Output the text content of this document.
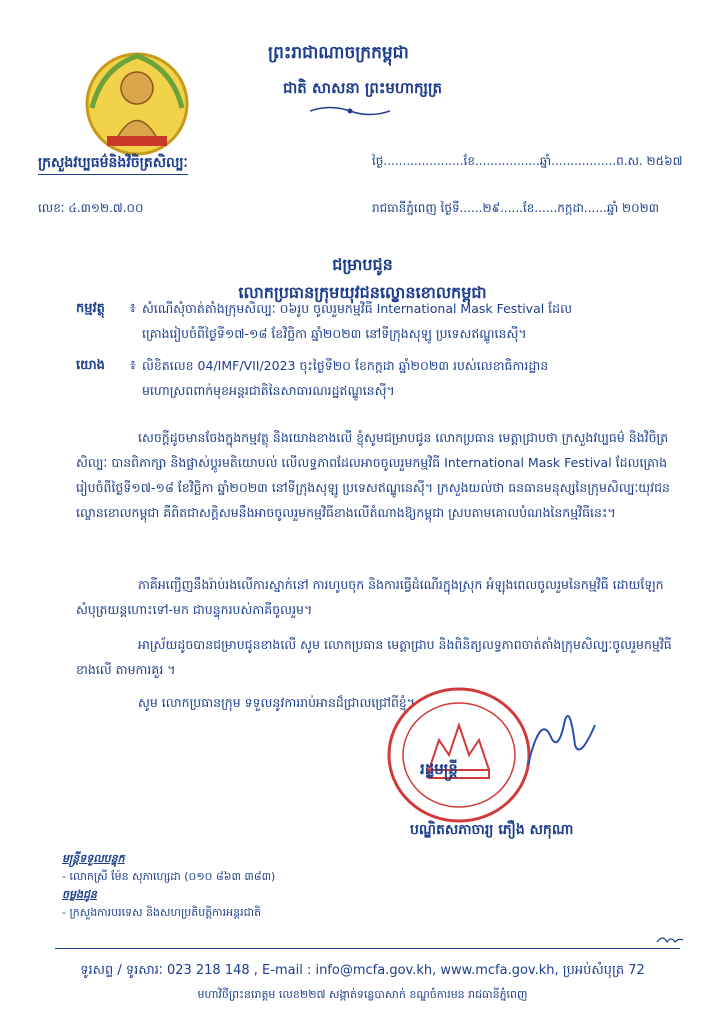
ព្រះរាជាណាចក្រកម្ពុជា
ជាតិ សាសនា ព្រះមហាក្សត្រ
ក្រសួងវប្បធម៌និងវិចិត្រសិល្បៈ
លេខៈ ៤.៣១២.៧.០០
ថ្ងៃ.....................ខែ.................ឆ្នាំ.................ព.ស. ២៥៦៧
រាជធានីភ្នំពេញ ថ្ងៃទី......២៩......ខែ......កក្កដា......ឆ្នាំ ២០២៣
ជម្រាបជូន
លោកប្រធានក្រុមយុវជនល្ខោនខោលកម្ពុជា
កម្មវត្ថុ ៖ សំណើសុំចាត់តាំងក្រុមសិល្បៈ ០៦រូប ចូលរួមកម្មវិធី International Mask Festival ដែល
គ្រោងរៀបចំពីថ្ងៃទី១៧-១៨ ខែវិច្ឆិកា ឆ្នាំ២០២៣ នៅទីក្រុងសុឡូ ប្រទេសឥណ្ឌូនេស៊ី។
យោង ៖ លិខិតលេខ 04/IMF/VII/2023 ចុះថ្ងៃទី២០ ខែកក្កដា ឆ្នាំ២០២៣ របស់លេខាធិការដ្ឋាន
មហោស្រពពាក់មុខអន្តរជាតិនៃសាធារណរដ្ឋឥណ្ឌូនេស៊ី។
សេចក្ដីដូចមានចែងក្នុងកម្មវត្ថុ និងយោងខាងលើ ខ្ញុំសូមជម្រាបជូន លោកប្រធាន មេត្តាជ្រាបថា ក្រសួងវប្បធម៌ និងវិចិត្រសិល្បៈ បានពិភាក្សា និងផ្លាស់ប្ដូរមតិយោបល់ លើលទ្ធភាពដែលអាចចូលរួមកម្មវិធី International Mask Festival ដែលគ្រោងរៀបចំពីថ្ងៃទី១៧-១៨ ខែវិច្ឆិកា ឆ្នាំ២០២៣ នៅទីក្រុងសុឡូ ប្រទេសឥណ្ឌូនេស៊ី។ ក្រសួងយល់ថា ធនធានមនុស្សនៃក្រុមសិល្បៈយុវជនល្ខោនខោលកម្ពុជា គឺពិតជាសក្ដិសមនឹងអាចចូលរួមកម្មវិធីខាងលើតំណាងឱ្យកម្ពុជា ស្របតាមគោលបំណងនៃកម្មវិធីនេះ។
ភាគីអញ្ជើញនឹងរ៉ាប់រងលើការស្នាក់នៅ ការហូបចុក និងការធ្វើដំណើរក្នុងស្រុក អំឡុងពេលចូលរួមនៃកម្មវិធី ដោយឡែក សំបុត្រយន្តហោះទៅ-មក ជាបន្ទុករបស់ភាគីចូលរួម។
អាស្រ័យដូចបានជម្រាបជូនខាងលើ សូម លោកប្រធាន មេត្តាជ្រាប និងពិនិត្យលទ្ធភាពចាត់តាំងក្រុមសិល្បៈចូលរួមកម្មវិធីខាងលើ តាមការគួរ ។
សូម លោកប្រធានក្រុម ទទួលនូវការរាប់អានដ៏ជ្រាលជ្រៅពីខ្ញុំ។
រដ្ឋមន្ត្រី
បណ្ឌិតសភាចារ្យ ភឿង សកុណា
មន្ត្រីទទួលបន្ទុក
- លោកស្រី ម៉ែន សុភាហ្សេដា (០១០ ៨៦៣ ៣៨៣)
ចម្លងជូន
- ក្រសួងការបរទេស និងសហប្រតិបត្តិការអន្តរជាតិ
ទូរសព្ទ / ទូរសារៈ 023 218 148 , E-mail : info@mcfa.gov.kh, www.mcfa.gov.kh, ប្រអប់សំបុត្រ 72
មហាវិថីព្រះនរោត្តម លេខ២២៧ សង្កាត់ទន្លេបាសាក់ ខណ្ឌចំការមន រាជធានីភ្នំពេញ
